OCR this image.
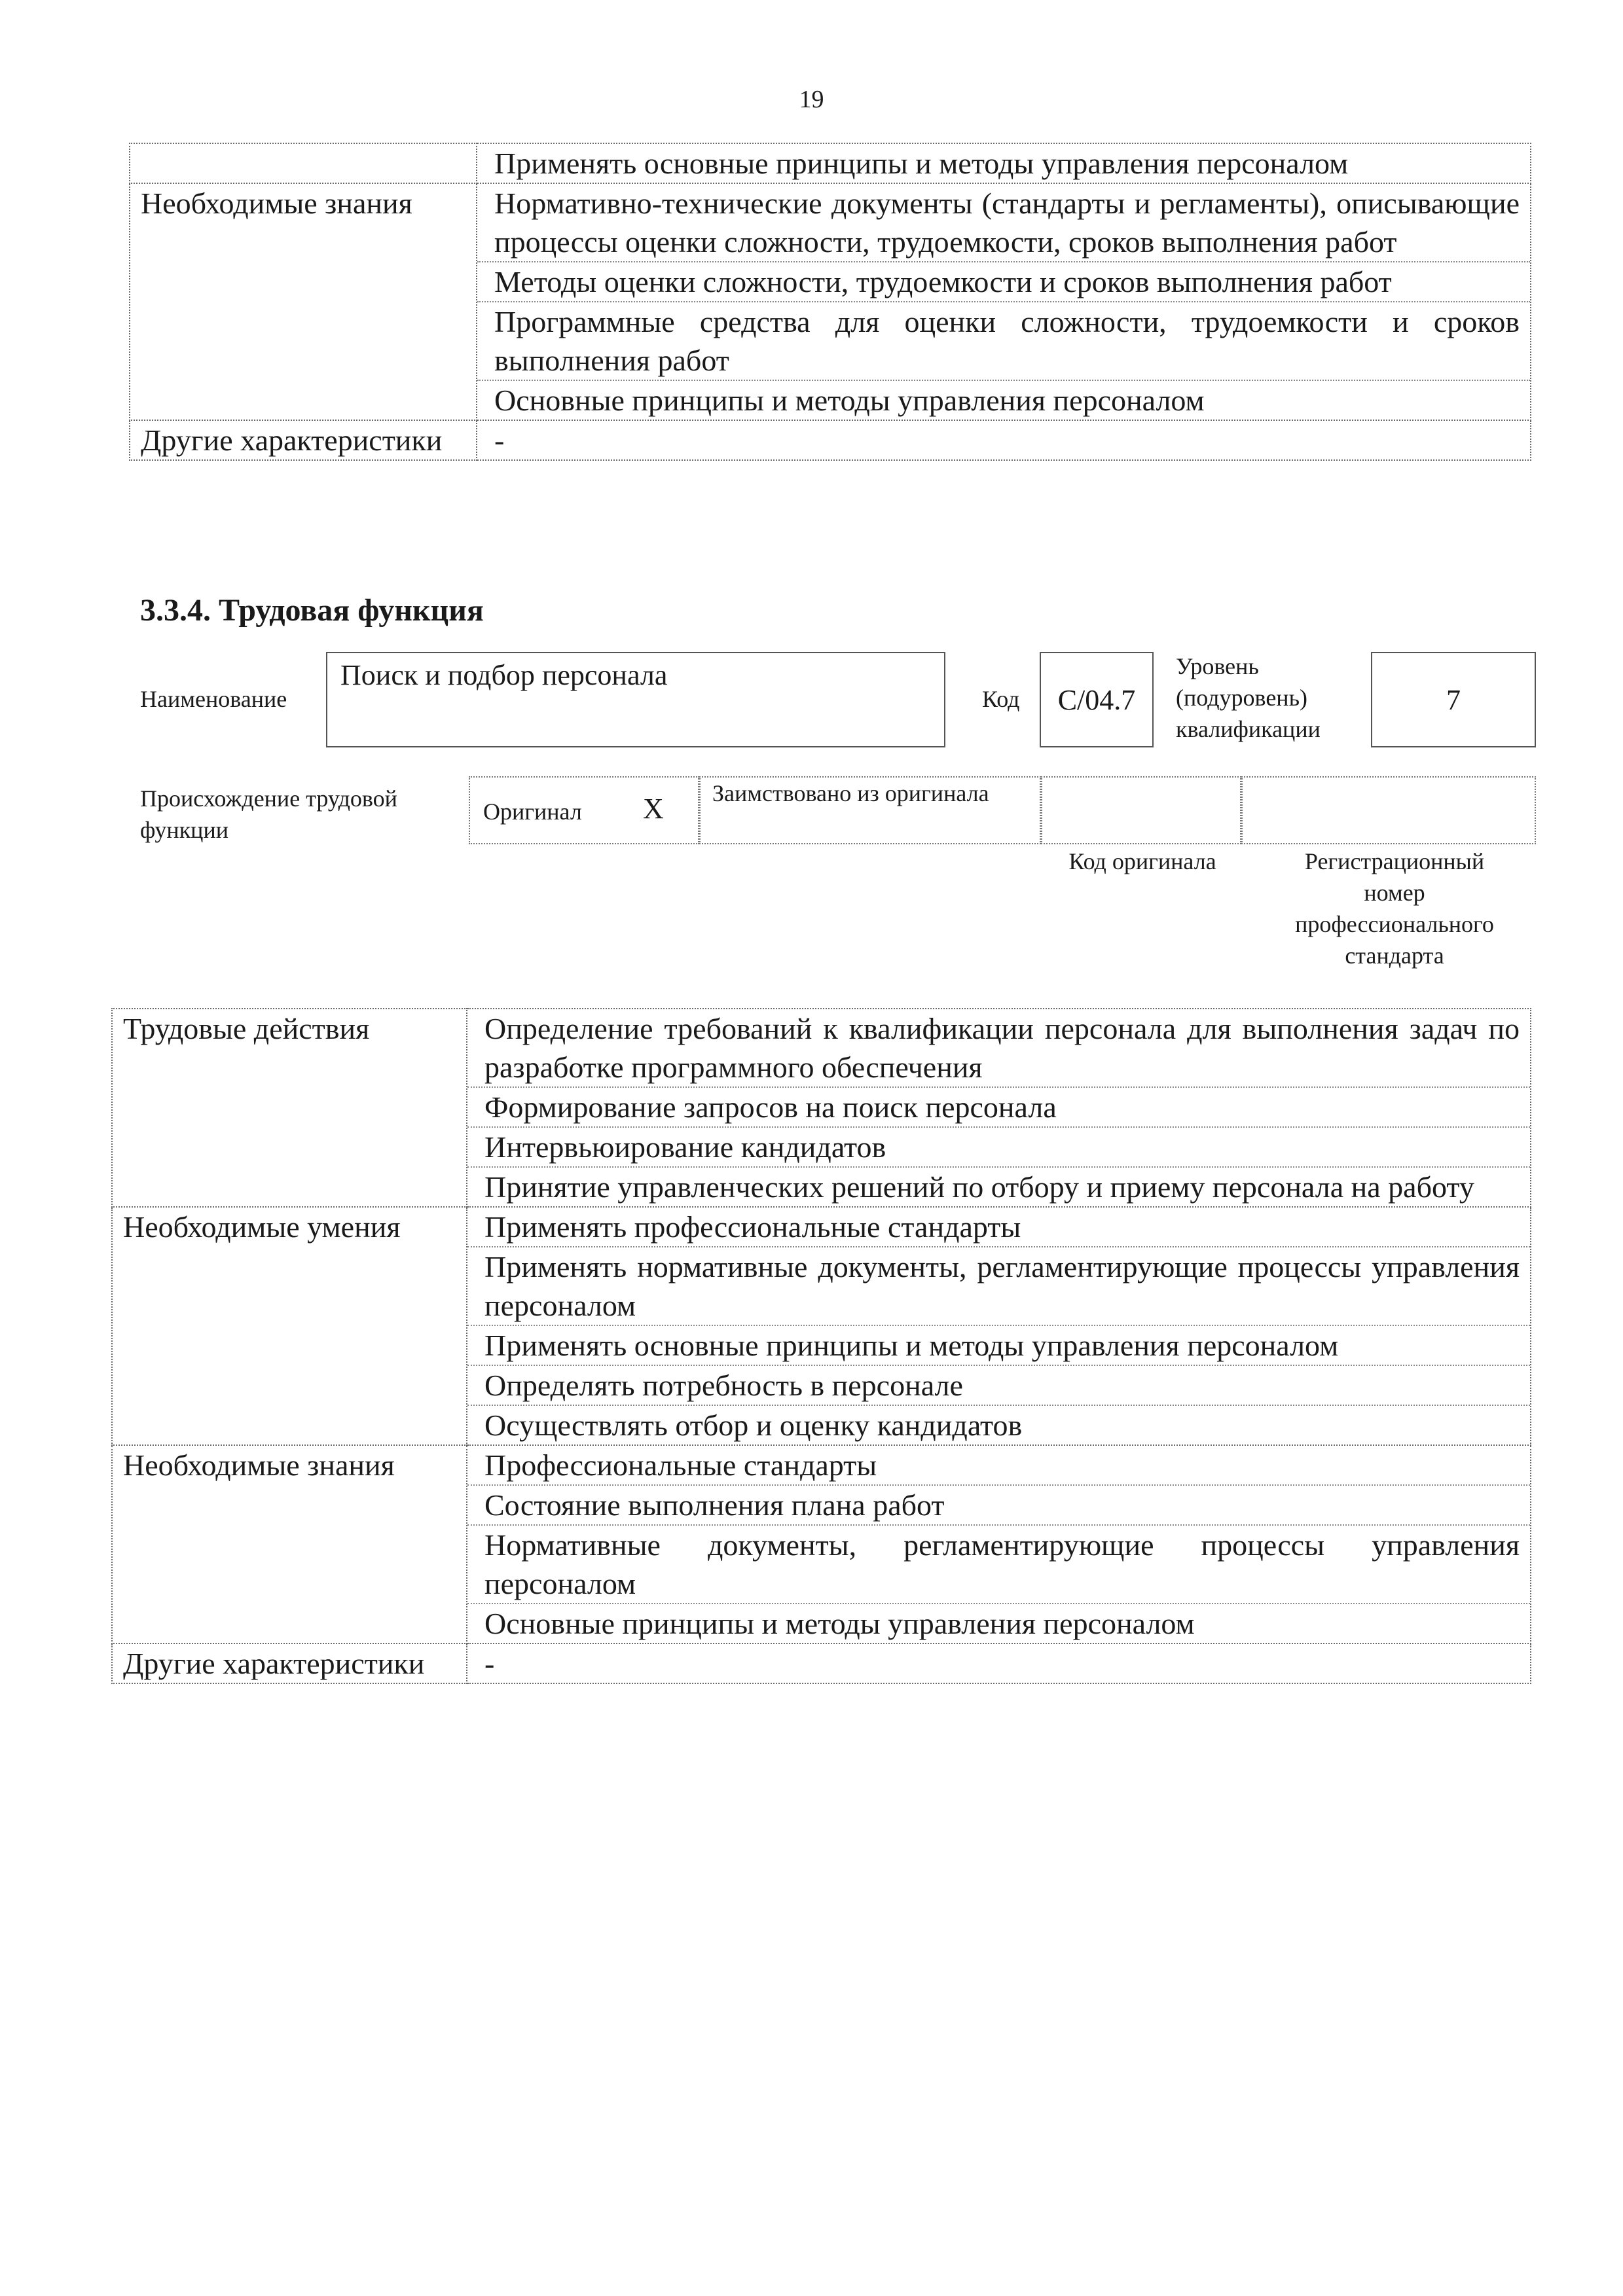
19

	Применять основные принципы и методы управления персоналом

Необходимые знания	Нормативно-технические документы (стандарты и регламенты), описывающие процессы оценки сложности, трудоемкости, сроков выполнения работ
Методы оценки сложности, трудоемкости и сроков выполнения работ
Программные средства для оценки сложности, трудоемкости и сроков выполнения работ
Основные принципы и методы управления персоналом

Другие характеристики	-
3.3.4. Трудовая функция
Наименование
Поиск и подбор персонала
Код C/04.7
Уровень (подуровень) квалификации
7
Происхождение трудовой функции
Оригинал X Заимствовано из оригинала
Код оригинала	Регистрационный номер профессионального стандарта
Трудовые действия	Определение требований к квалификации персонала для выполнения задач по разработке программного обеспечения
Формирование запросов на поиск персонала
Интервьюирование кандидатов
Принятие управленческих решений по отбору и приему персонала на работу

Необходимые умения	Применять профессиональные стандарты
Применять нормативные документы, регламентирующие процессы управления персоналом
Применять основные принципы и методы управления персоналом
Определять потребность в персонале
Осуществлять отбор и оценку кандидатов

Необходимые знания	Профессиональные стандарты
Состояние выполнения плана работ
Нормативные документы, регламентирующие процессы управления персоналом
Основные принципы и методы управления персоналом

Другие характеристики	-
